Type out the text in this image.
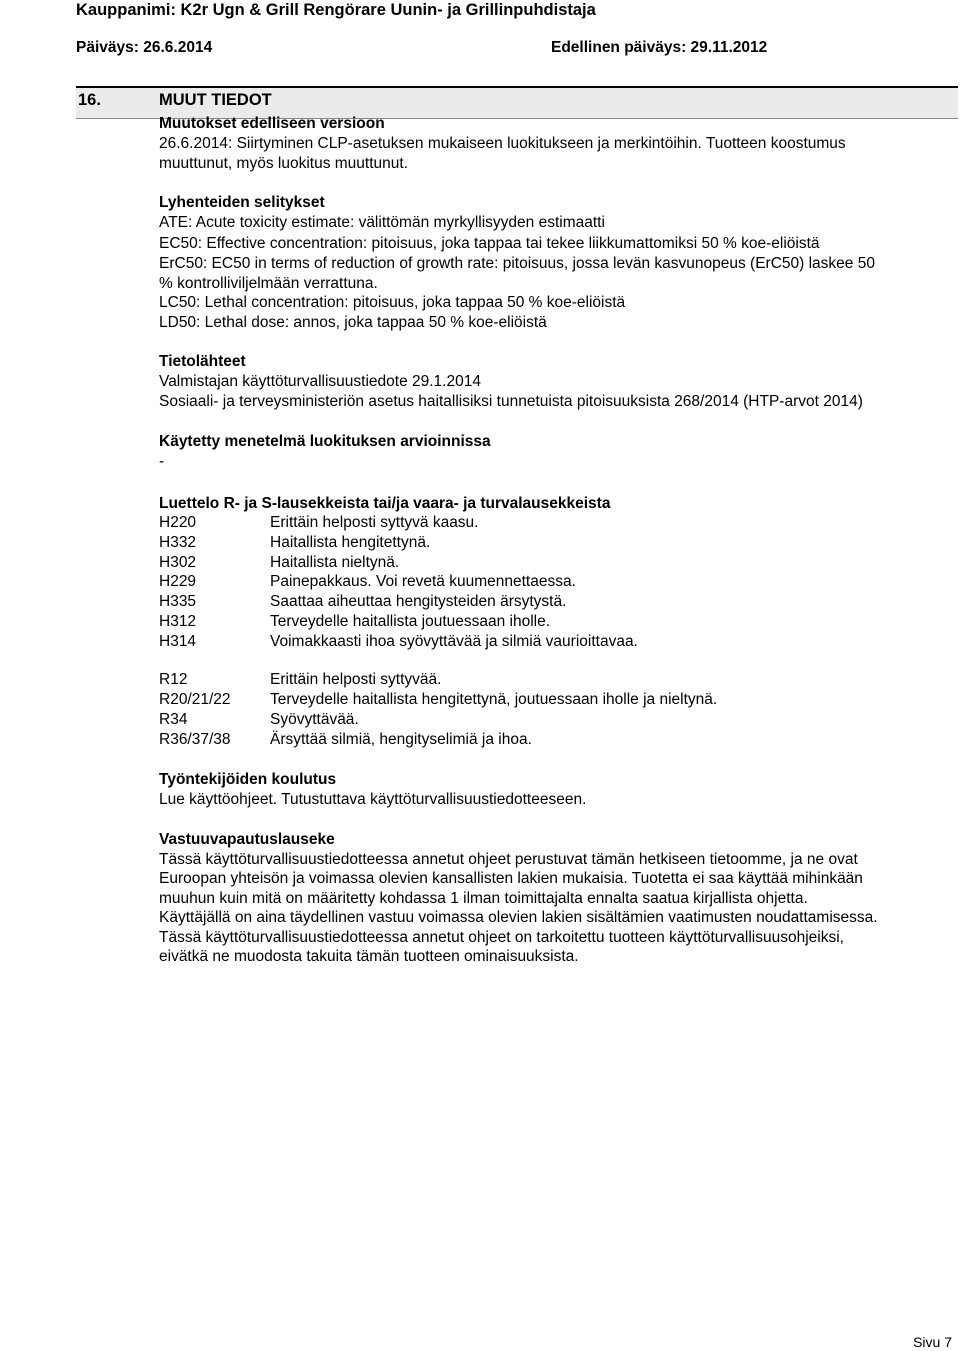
Kauppanimi: K2r Ugn & Grill Rengörare Uunin- ja Grillinpuhdistaja
Päiväys: 26.6.2014	Edellinen päiväys: 29.11.2012
16.	MUUT TIEDOT
Muutokset edelliseen versioon
26.6.2014: Siirtyminen CLP-asetuksen mukaiseen luokitukseen ja merkintöihin. Tuotteen koostumus
muuttunut, myös luokitus muuttunut.
Lyhenteiden selitykset
ATE: Acute toxicity estimate: välittömän myrkyllisyyden estimaatti
EC50: Effective concentration: pitoisuus, joka tappaa tai tekee liikkumattomiksi 50 % koe-eliöistä
ErC50: EC50 in terms of reduction of growth rate: pitoisuus, jossa levän kasvunopeus (ErC50) laskee 50
% kontrolliviljelmään verrattuna.
LC50: Lethal concentration: pitoisuus, joka tappaa 50 % koe-eliöistä
LD50: Lethal dose: annos, joka tappaa 50 % koe-eliöistä
Tietolähteet
Valmistajan käyttöturvallisuustiedote 29.1.2014
Sosiaali- ja terveysministeriön asetus haitallisiksi tunnetuista pitoisuuksista 268/2014 (HTP-arvot 2014)
Käytetty menetelmä luokituksen arvioinnissa
-
Luettelo R- ja S-lausekkeista tai/ja vaara- ja turvalausekkeista
H220	Erittäin helposti syttyvä kaasu.
H332	Haitallista hengitettynä.
H302	Haitallista nieltynä.
H229	Painepakkaus. Voi revetä kuumennettaessa.
H335	Saattaa aiheuttaa hengitysteiden ärsytystä.
H312	Terveydelle haitallista joutuessaan iholle.
H314	Voimakkaasti ihoa syövyttävää ja silmiä vaurioittavaa.
R12	Erittäin helposti syttyvää.
R20/21/22	Terveydelle haitallista hengitettynä, joutuessaan iholle ja nieltynä.
R34	Syövyttävää.
R36/37/38	Ärsyttää silmiä, hengityselimiä ja ihoa.
Työntekijöiden koulutus
Lue käyttöohjeet. Tutustuttava käyttöturvallisuustiedotteeseen.
Vastuuvapautuslauseke
Tässä käyttöturvallisuustiedotteessa annetut ohjeet perustuvat tämän hetkiseen tietoomme, ja ne ovat
Euroopan yhteisön ja voimassa olevien kansallisten lakien mukaisia. Tuotetta ei saa käyttää mihinkään
muuhun kuin mitä on määritetty kohdassa 1 ilman toimittajalta ennalta saatua kirjallista ohjetta.
Käyttäjällä on aina täydellinen vastuu voimassa olevien lakien sisältämien vaatimusten noudattamisessa.
Tässä käyttöturvallisuustiedotteessa annetut ohjeet on tarkoitettu tuotteen käyttöturvallisuusohjeiksi,
eivätkä ne muodosta takuita tämän tuotteen ominaisuuksista.
Sivu 7
